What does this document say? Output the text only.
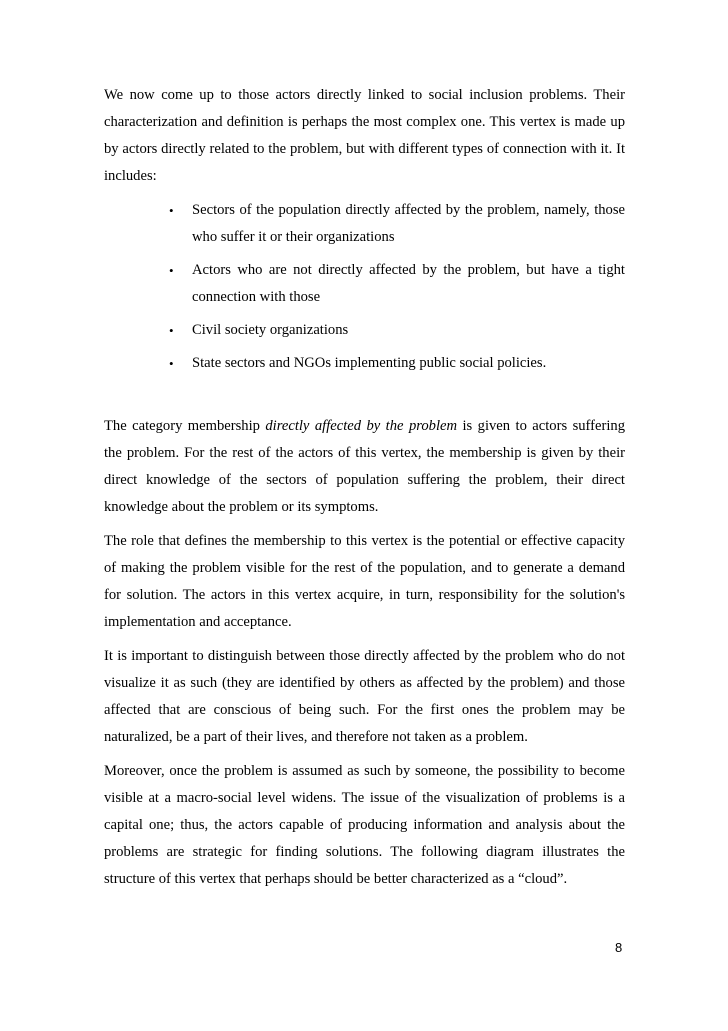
We now come up to those actors directly linked to social inclusion problems. Their characterization and definition is perhaps the most complex one. This vertex is made up by actors directly related to the problem, but with different types of connection with it. It includes:

• Sectors of the population directly affected by the problem, namely, those who suffer it or their organizations
• Actors who are not directly affected by the problem, but have a tight connection with those
• Civil society organizations
• State sectors and NGOs implementing public social policies.

The category membership directly affected by the problem is given to actors suffering the problem. For the rest of the actors of this vertex, the membership is given by their direct knowledge of the sectors of population suffering the problem, their direct knowledge about the problem or its symptoms.

The role that defines the membership to this vertex is the potential or effective capacity of making the problem visible for the rest of the population, and to generate a demand for solution. The actors in this vertex acquire, in turn, responsibility for the solution's implementation and acceptance.

It is important to distinguish between those directly affected by the problem who do not visualize it as such (they are identified by others as affected by the problem) and those affected that are conscious of being such. For the first ones the problem may be naturalized, be a part of their lives, and therefore not taken as a problem.

Moreover, once the problem is assumed as such by someone, the possibility to become visible at a macro-social level widens. The issue of the visualization of problems is a capital one; thus, the actors capable of producing information and analysis about the problems are strategic for finding solutions. The following diagram illustrates the structure of this vertex that perhaps should be better characterized as a “cloud”.

8
